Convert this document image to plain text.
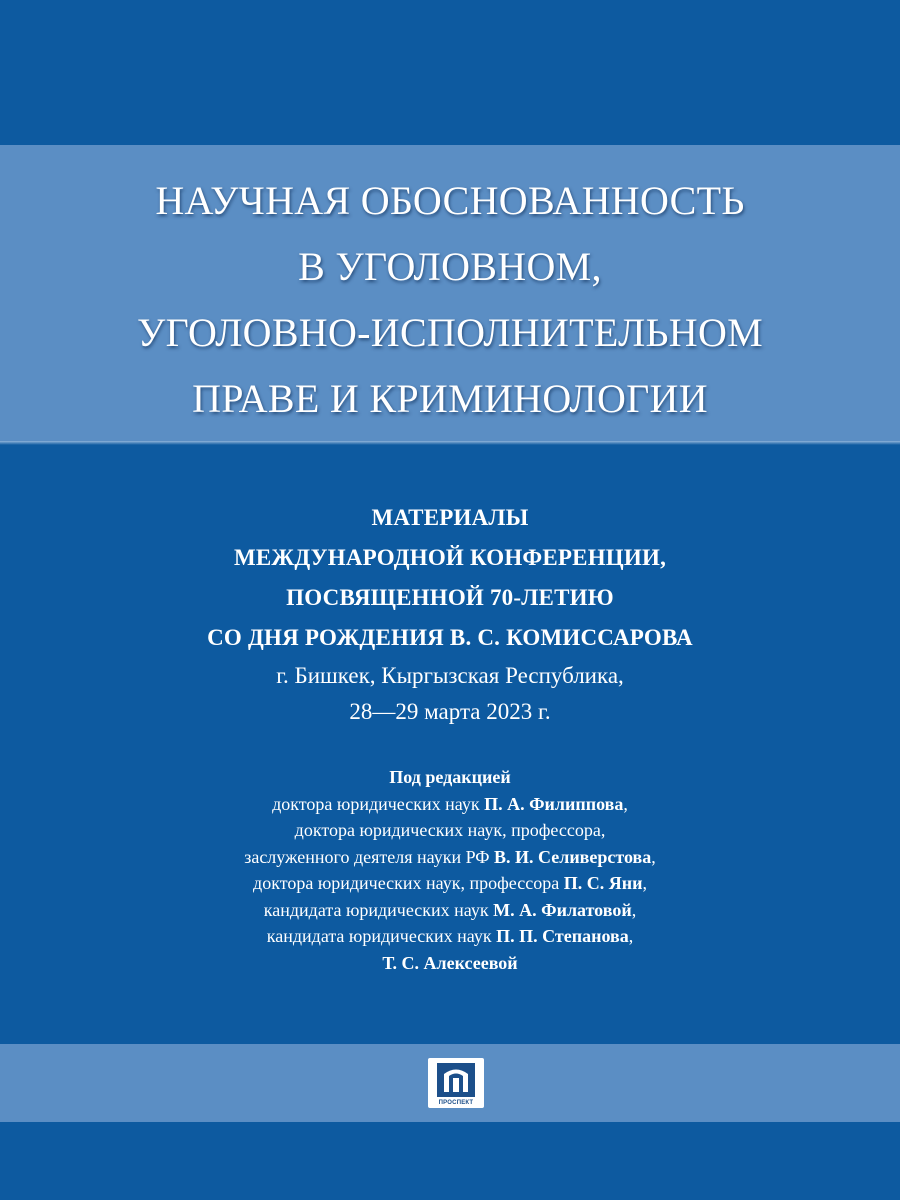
НАУЧНАЯ ОБОСНОВАННОСТЬ
В УГОЛОВНОМ,
УГОЛОВНО-ИСПОЛНИТЕЛЬНОМ
ПРАВЕ И КРИМИНОЛОГИИ
МАТЕРИАЛЫ
МЕЖДУНАРОДНОЙ КОНФЕРЕНЦИИ,
ПОСВЯЩЕННОЙ 70-ЛЕТИЮ
СО ДНЯ РОЖДЕНИЯ В. С. КОМИССАРОВА
г. Бишкек, Кыргызская Республика,
28—29 марта 2023 г.
Под редакцией
доктора юридических наук П. А. Филиппова,
доктора юридических наук, профессора,
заслуженного деятеля науки РФ В. И. Селиверстова,
доктора юридических наук, профессора П. С. Яни,
кандидата юридических наук М. А. Филатовой,
кандидата юридических наук П. П. Степанова,
Т. С. Алексеевой
ПРОСПЕКТ
